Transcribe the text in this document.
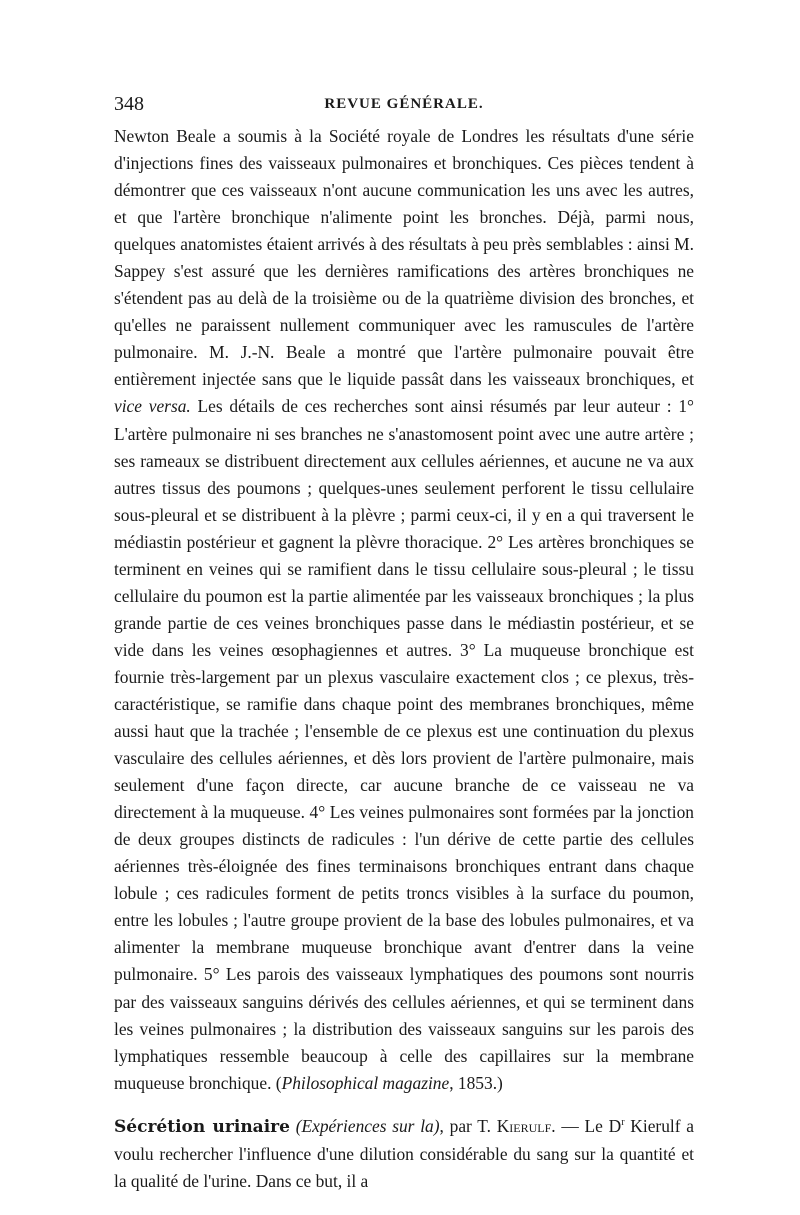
348	REVUE GÉNÉRALE.

Newton Beale a soumis à la Société royale de Londres les résultats d'une série d'injections fines des vaisseaux pulmonaires et bronchiques. Ces pièces tendent à démontrer que ces vaisseaux n'ont aucune communication les uns avec les autres, et que l'artère bronchique n'alimente point les bronches. Déjà, parmi nous, quelques anatomistes étaient arrivés à des résultats à peu près semblables : ainsi M. Sappey s'est assuré que les dernières ramifications des artères bronchiques ne s'étendent pas au delà de la troisième ou de la quatrième division des bronches, et qu'elles ne paraissent nullement communiquer avec les ramuscules de l'artère pulmonaire. M. J.-N. Beale a montré que l'artère pulmonaire pouvait être entièrement injectée sans que le liquide passât dans les vaisseaux bronchiques, et vice versa. Les détails de ces recherches sont ainsi résumés par leur auteur : 1° L'artère pulmonaire ni ses branches ne s'anastomosent point avec une autre artère ; ses rameaux se distribuent directement aux cellules aériennes, et aucune ne va aux autres tissus des poumons ; quelques-unes seulement perforent le tissu cellulaire sous-pleural et se distribuent à la plèvre ; parmi ceux-ci, il y en a qui traversent le médiastin postérieur et gagnent la plèvre thoracique. 2° Les artères bronchiques se terminent en veines qui se ramifient dans le tissu cellulaire sous-pleural ; le tissu cellulaire du poumon est la partie alimentée par les vaisseaux bronchiques ; la plus grande partie de ces veines bronchiques passe dans le médiastin postérieur, et se vide dans les veines œsophagiennes et autres. 3° La muqueuse bronchique est fournie très-largement par un plexus vasculaire exactement clos ; ce plexus, très-caractéristique, se ramifie dans chaque point des membranes bronchiques, même aussi haut que la trachée ; l'ensemble de ce plexus est une continuation du plexus vasculaire des cellules aériennes, et dès lors provient de l'artère pulmonaire, mais seulement d'une façon directe, car aucune branche de ce vaisseau ne va directement à la muqueuse. 4° Les veines pulmonaires sont formées par la jonction de deux groupes distincts de radicules : l'un dérive de cette partie des cellules aériennes très-éloignée des fines terminaisons bronchiques entrant dans chaque lobule ; ces radicules forment de petits troncs visibles à la surface du poumon, entre les lobules ; l'autre groupe provient de la base des lobules pulmonaires, et va alimenter la membrane muqueuse bronchique avant d'entrer dans la veine pulmonaire. 5° Les parois des vaisseaux lymphatiques des poumons sont nourris par des vaisseaux sanguins dérivés des cellules aériennes, et qui se terminent dans les veines pulmonaires ; la distribution des vaisseaux sanguins sur les parois des lymphatiques ressemble beaucoup à celle des capillaires sur la membrane muqueuse bronchique. (Philosophical magazine, 1853.)

Sécrétion urinaire (Expériences sur la), par T. Kierulf. — Le $D^r$ Kierulf a voulu rechercher l'influence d'une dilution considérable du sang sur la quantité et la qualité de l'urine. Dans ce but, il a
